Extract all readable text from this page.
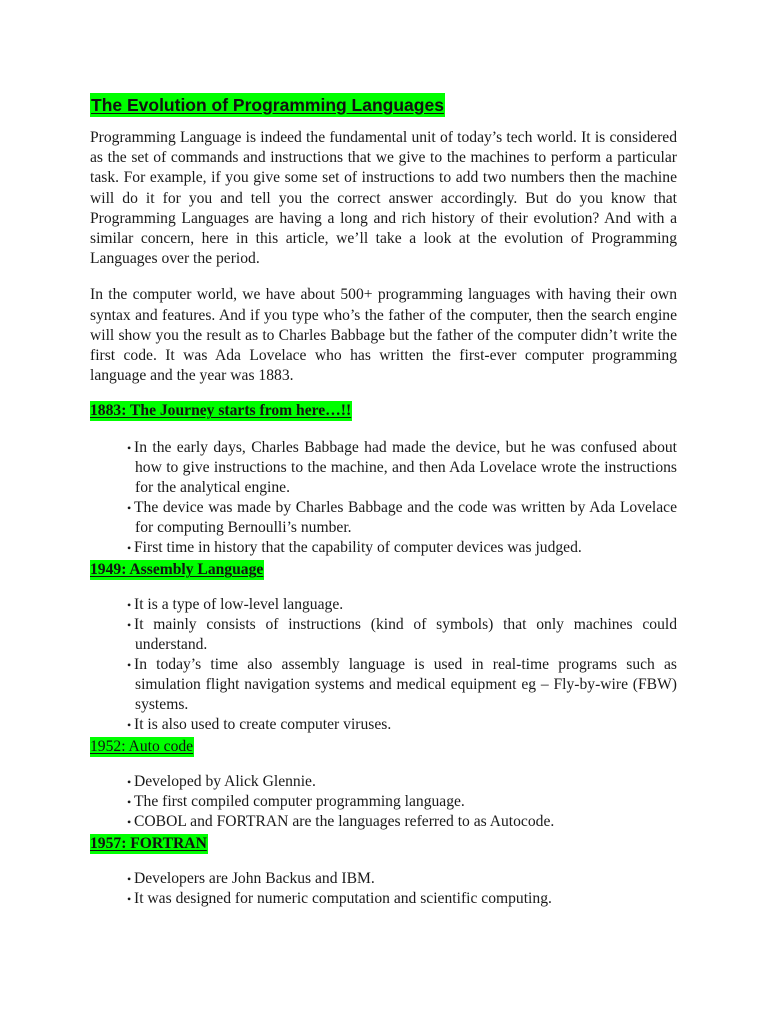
The Evolution of Programming Languages

Programming Language is indeed the fundamental unit of today’s tech world. It is considered as the set of commands and instructions that we give to the machines to perform a particular task. For example, if you give some set of instructions to add two numbers then the machine will do it for you and tell you the correct answer accordingly. But do you know that Programming Languages are having a long and rich history of their evolution? And with a similar concern, here in this article, we’ll take a look at the evolution of Programming Languages over the period.

In the computer world, we have about 500+ programming languages with having their own syntax and features. And if you type who’s the father of the computer, then the search engine will show you the result as to Charles Babbage but the father of the computer didn’t write the first code. It was Ada Lovelace who has written the first-ever computer programming language and the year was 1883.

1883: The Journey starts from here…!!
• In the early days, Charles Babbage had made the device, but he was confused about how to give instructions to the machine, and then Ada Lovelace wrote the instructions for the analytical engine.
• The device was made by Charles Babbage and the code was written by Ada Lovelace for computing Bernoulli’s number.
• First time in history that the capability of computer devices was judged.
1949: Assembly Language
• It is a type of low-level language.
• It mainly consists of instructions (kind of symbols) that only machines could understand.
• In today’s time also assembly language is used in real-time programs such as simulation flight navigation systems and medical equipment eg – Fly-by-wire (FBW) systems.
• It is also used to create computer viruses.
1952: Auto code
• Developed by Alick Glennie.
• The first compiled computer programming language.
• COBOL and FORTRAN are the languages referred to as Autocode.
1957: FORTRAN
• Developers are John Backus and IBM.
• It was designed for numeric computation and scientific computing.
